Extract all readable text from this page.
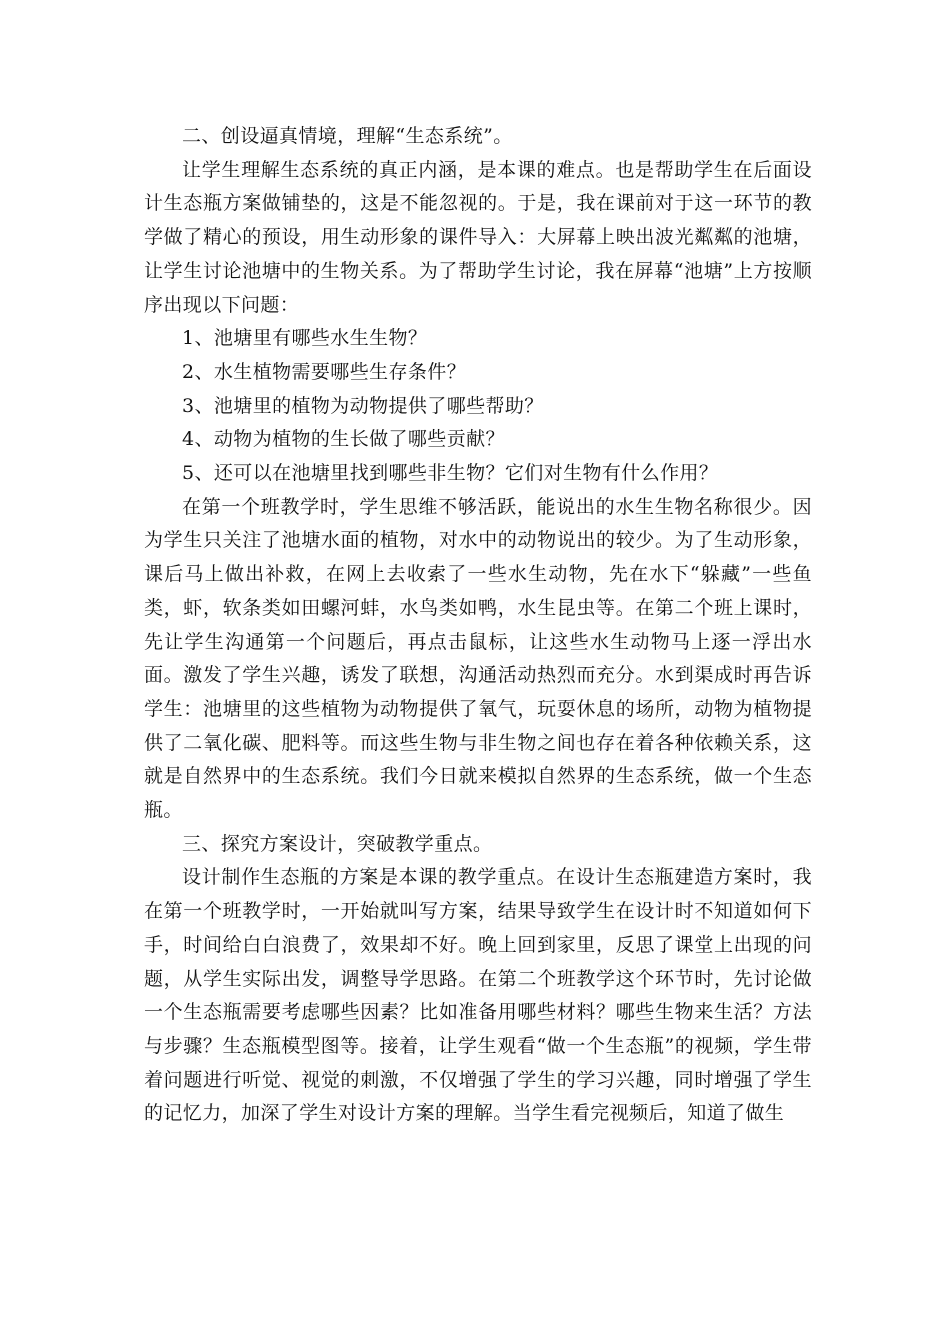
二、创设逼真情境，理解“生态系统”。

让学生理解生态系统的真正内涵，是本课的难点。也是帮助学生在后面设计生态瓶方案做铺垫的，这是不能忽视的。于是，我在课前对于这一环节的教学做了精心的预设，用生动形象的课件导入：大屏幕上映出波光粼粼的池塘，让学生讨论池塘中的生物关系。为了帮助学生讨论，我在屏幕“池塘”上方按顺序出现以下问题：

1、池塘里有哪些水生生物？

2、水生植物需要哪些生存条件？

3、池塘里的植物为动物提供了哪些帮助？

4、动物为植物的生长做了哪些贡献？

5、还可以在池塘里找到哪些非生物？它们对生物有什么作用？

在第一个班教学时，学生思维不够活跃，能说出的水生生物名称很少。因为学生只关注了池塘水面的植物，对水中的动物说出的较少。为了生动形象，课后马上做出补救，在网上去收索了一些水生动物，先在水下“躲藏”一些鱼类，虾，软条类如田螺河蚌，水鸟类如鸭，水生昆虫等。在第二个班上课时，先让学生沟通第一个问题后，再点击鼠标，让这些水生动物马上逐一浮出水面。激发了学生兴趣，诱发了联想，沟通活动热烈而充分。水到渠成时再告诉学生：池塘里的这些植物为动物提供了氧气，玩耍休息的场所，动物为植物提供了二氧化碳、肥料等。而这些生物与非生物之间也存在着各种依赖关系，这就是自然界中的生态系统。我们今日就来模拟自然界的生态系统，做一个生态瓶。

三、探究方案设计，突破教学重点。

设计制作生态瓶的方案是本课的教学重点。在设计生态瓶建造方案时，我在第一个班教学时，一开始就叫写方案，结果导致学生在设计时不知道如何下手，时间给白白浪费了，效果却不好。晚上回到家里，反思了课堂上出现的问题，从学生实际出发，调整导学思路。在第二个班教学这个环节时，先讨论做一个生态瓶需要考虑哪些因素？比如准备用哪些材料？哪些生物来生活？方法与步骤？生态瓶模型图等。接着，让学生观看“做一个生态瓶”的视频，学生带着问题进行听觉、视觉的刺激，不仅增强了学生的学习兴趣，同时增强了学生的记忆力，加深了学生对设计方案的理解。当学生看完视频后，知道了做生
